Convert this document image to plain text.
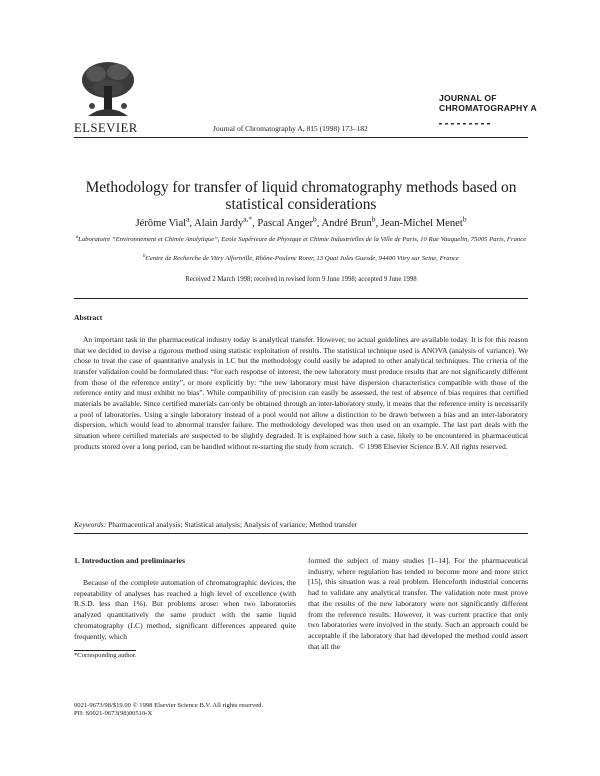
ELSEVIER	Journal of Chromatography A, 815 (1998) 173–182
JOURNAL OF
CHROMATOGRAPHY A
Methodology for transfer of liquid chromatography methods based on statistical considerations
Jérôme Vial$^a$, Alain Jardy$^{a,*}$, Pascal Anger$^b$, André Brun$^b$, Jean-Michel Menet$^b$
$^a$Laboratoire “Environnement et Chimie Analytique”, Ecole Supérieure de Physique et Chimie Industrielles de la Ville de Paris, 10 Rue Vauquelin, 75005 Paris, France
$^b$Centre de Recherche de Vitry Alfortville, Rhône-Poulenc Rorer, 13 Quai Jules Guesde, 94400 Vitry sur Seine, France
Received 2 March 1998; received in revised form 9 June 1998; accepted 9 June 1998
Abstract

An important task in the pharmaceutical industry today is analytical transfer. However, no actual guidelines are available today. It is for this reason that we decided to devise a rigorous method using statistic exploitation of results. The statistical technique used is ANOVA (analysis of variance). We chose to treat the case of quantitative analysis in LC but the methodology could easily be adapted to other analytical techniques. The criteria of the transfer validation could be formulated thus: “for each response of interest, the new laboratory must produce results that are not significantly different from those of the reference entity”, or more explicitly by: “the new laboratory must have dispersion characteristics compatible with those of the reference entity and must exhibit no bias”. While compatibility of precision can easily be assessed, the test of absence of bias requires that certified materials be available. Since certified materials can only be obtained through an inter-laboratory study, it means that the reference entity is necessarily a pool of laboratories. Using a single laboratory instead of a pool would not allow a distinction to be drawn between a bias and an inter-laboratory dispersion, which would lead to abnormal transfer failure. The methodology developed was then used on an example. The last part deals with the situation where certified materials are suspected to be slightly degraded. It is explained how such a case, likely to be encountered in pharmaceutical products stored over a long period, can be handled without re-starting the study from scratch. © 1998 Elsevier Science B.V. All rights reserved.

Keywords: Pharmaceutical analysis; Statistical analysis; Analysis of variance; Method transfer
1. Introduction and preliminaries

Because of the complete automation of chromatographic devices, the repeatability of analyses has reached a high level of excellence (with R.S.D. less than 1%). But problems arose: when two laboratories analyzed quantitatively the same product with the same liquid chromatography (LC) method, significant differences appeared quite frequently, which

formed the subject of many studies [1–14]. For the pharmaceutical industry, where regulation has tended to become more and more strict [15], this situation was a real problem. Henceforth industrial concerns had to validate any analytical transfer. The validation note must prove that the results of the new laboratory were not significantly different from the reference results. However, it was current practice that only two laboratories were involved in the study. Such an approach could be acceptable if the laboratory that had developed the method could assert that all the

*Corresponding author.
0021-9673/98/$19.00 © 1998 Elsevier Science B.V. All rights reserved.
PII: S0021-9673(98)00510-X
